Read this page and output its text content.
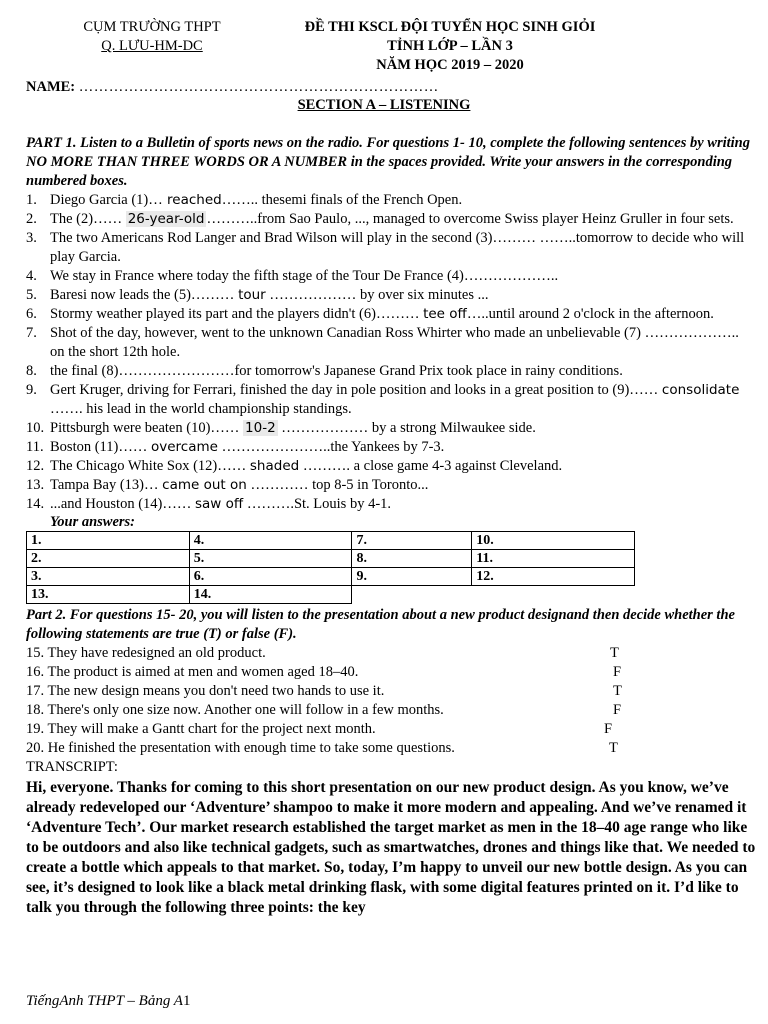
CỤM TRƯỜNG THPT
Q. LƯU-HM-DC
ĐỀ THI KSCL ĐỘI TUYỂN HỌC SINH GIỎI
TỈNH LỚP – LẦN 3
NĂM HỌC 2019 – 2020
NAME: ………………………………………………………………
SECTION A – LISTENING
PART 1. Listen to a Bulletin of sports news on the radio. For questions 1- 10, complete the following sentences by writing NO MORE THAN THREE WORDS OR A NUMBER in the spaces provided. Write your answers in the corresponding numbered boxes.
1. Diego Garcia (1)… reached…….. thesemi finals of the French Open.
2. The (2)…… 26-year-old ………..from Sao Paulo, ..., managed to overcome Swiss player Heinz Gruller in four sets.
3. The two Americans Rod Langer and Brad Wilson will play in the second (3)……… ……..tomorrow to decide who will play Garcia.
4. We stay in France where today the fifth stage of the Tour De France (4)………………..
5. Baresi now leads the (5)……… tour ……………… by over six minutes ...
6. Stormy weather played its part and the players didn't (6)……… tee off…..until around 2 o'clock in the afternoon.
7. Shot of the day, however, went to the unknown Canadian Ross Whirter who made an unbelievable (7) ……………….. on the short 12th hole.
8. the final (8)……………………for tomorrow's Japanese Grand Prix took place in rainy conditions.
9. Gert Kruger, driving for Ferrari, finished the day in pole position and looks in a great position to (9)…… consolidate ……. his lead in the world championship standings.
10. Pittsburgh were beaten (10)…… 10-2 ……………… by a strong Milwaukee side.
11. Boston (11)…… overcame …………………..the Yankees by 7-3.
12. The Chicago White Sox (12)…… shaded ………. a close game 4-3 against Cleveland.
13. Tampa Bay (13)… came out on ………… top 8-5 in Toronto...
14. ...and Houston (14)…… saw off ……….St. Louis by 4-1.
Your answers:
1.	4.	7.	10.
2.	5.	8.	11.
3.	6.	9.	12.
13.	14.		
Part 2. For questions 15- 20, you will listen to the presentation about a new product designand then decide whether the following statements are true (T) or false (F).
15. They have redesigned an old product.	T
16. The product is aimed at men and women aged 18–40.	F
17. The new design means you don't need two hands to use it.	T
18. There's only one size now. Another one will follow in a few months.	F
19. They will make a Gantt chart for the project next month.	F
20. He finished the presentation with enough time to take some questions.	T
TRANSCRIPT:
Hi, everyone. Thanks for coming to this short presentation on our new product design. As you know, we’ve already redeveloped our ‘Adventure’ shampoo to make it more modern and appealing. And we’ve renamed it ‘Adventure Tech’. Our market research established the target market as men in the 18–40 age range who like to be outdoors and also like technical gadgets, such as smartwatches, drones and things like that. We needed to create a bottle which appeals to that market. So, today, I’m happy to unveil our new bottle design. As you can see, it’s designed to look like a black metal drinking flask, with some digital features printed on it. I’d like to talk you through the following three points: the key
TiếngAnh THPT – Bảng A1
